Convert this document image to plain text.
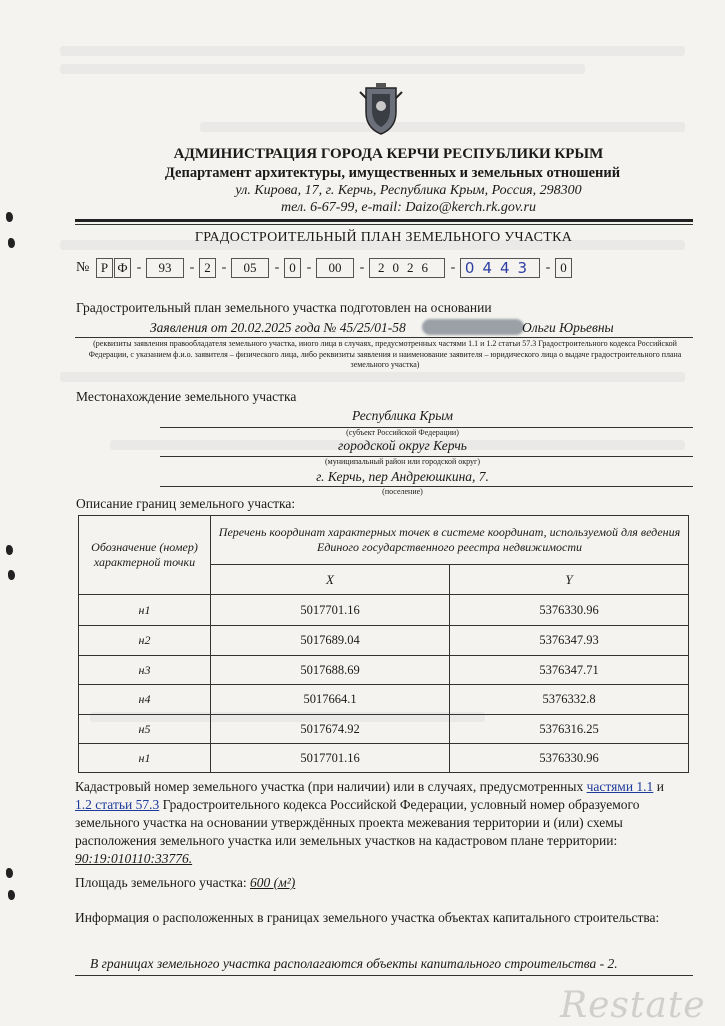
АДМИНИСТРАЦИЯ ГОРОДА КЕРЧИ РЕСПУБЛИКИ КРЫМ
Департамент архитектуры, имущественных и земельных отношений
ул. Кирова, 17, г. Керчь, Республика Крым, Россия, 298300
тел. 6-67-99, e-mail: Daizo@kerch.rk.gov.ru
ГРАДОСТРОИТЕЛЬНЫЙ ПЛАН ЗЕМЕЛЬНОГО УЧАСТКА
№ Р Ф -	93	- 2 -	05	- 0 -	00	-	2026	- 0443 - 0
Градостроительный план земельного участка подготовлен на основании
Заявления от 20.02.2025 года № 45/25/01-58	Ольги Юрьевны
(реквизиты заявления правообладателя земельного участка, иного лица в случаях, предусмотренных частями 1.1 и 1.2 статьи 57.3 Градостроительного кодекса Российской Федерации, с указанием ф.и.о. заявителя – физического лица, либо реквизиты заявления и наименование заявителя – юридического лица о выдаче градостроительного плана земельного участка)
Местонахождение земельного участка
Республика Крым
(субъект Российской Федерации)
городской округ Керчь
(муниципальный район или городской округ)
г. Керчь, пер Андреюшкина, 7.
(поселение)
Описание границ земельного участка:
Обозначение (номер) характерной точки	Перечень координат характерных точек в системе координат, используемой для ведения Единого государственного реестра недвижимости	
	X	Y
н1	5017701.16	5376330.96
н2	5017689.04	5376347.93
н3	5017688.69	5376347.71
н4	5017664.1	5376332.8
н5	5017674.92	5376316.25
н1	5017701.16	5376330.96
Кадастровый номер земельного участка (при наличии) или в случаях, предусмотренных частями 1.1 и 1.2 статьи 57.3 Градостроительного кодекса Российской Федерации, условный номер образуемого земельного участка на основании утверждённых проекта межевания территории и (или) схемы расположения земельного участка или земельных участков на кадастровом плане территории: 90:19:010110:33776.
Площадь земельного участка: 600 (м²)
Информация о расположенных в границах земельного участка объектах капитального строительства:
В границах земельного участка располагаются объекты капитального строительства - 2.
Restate
